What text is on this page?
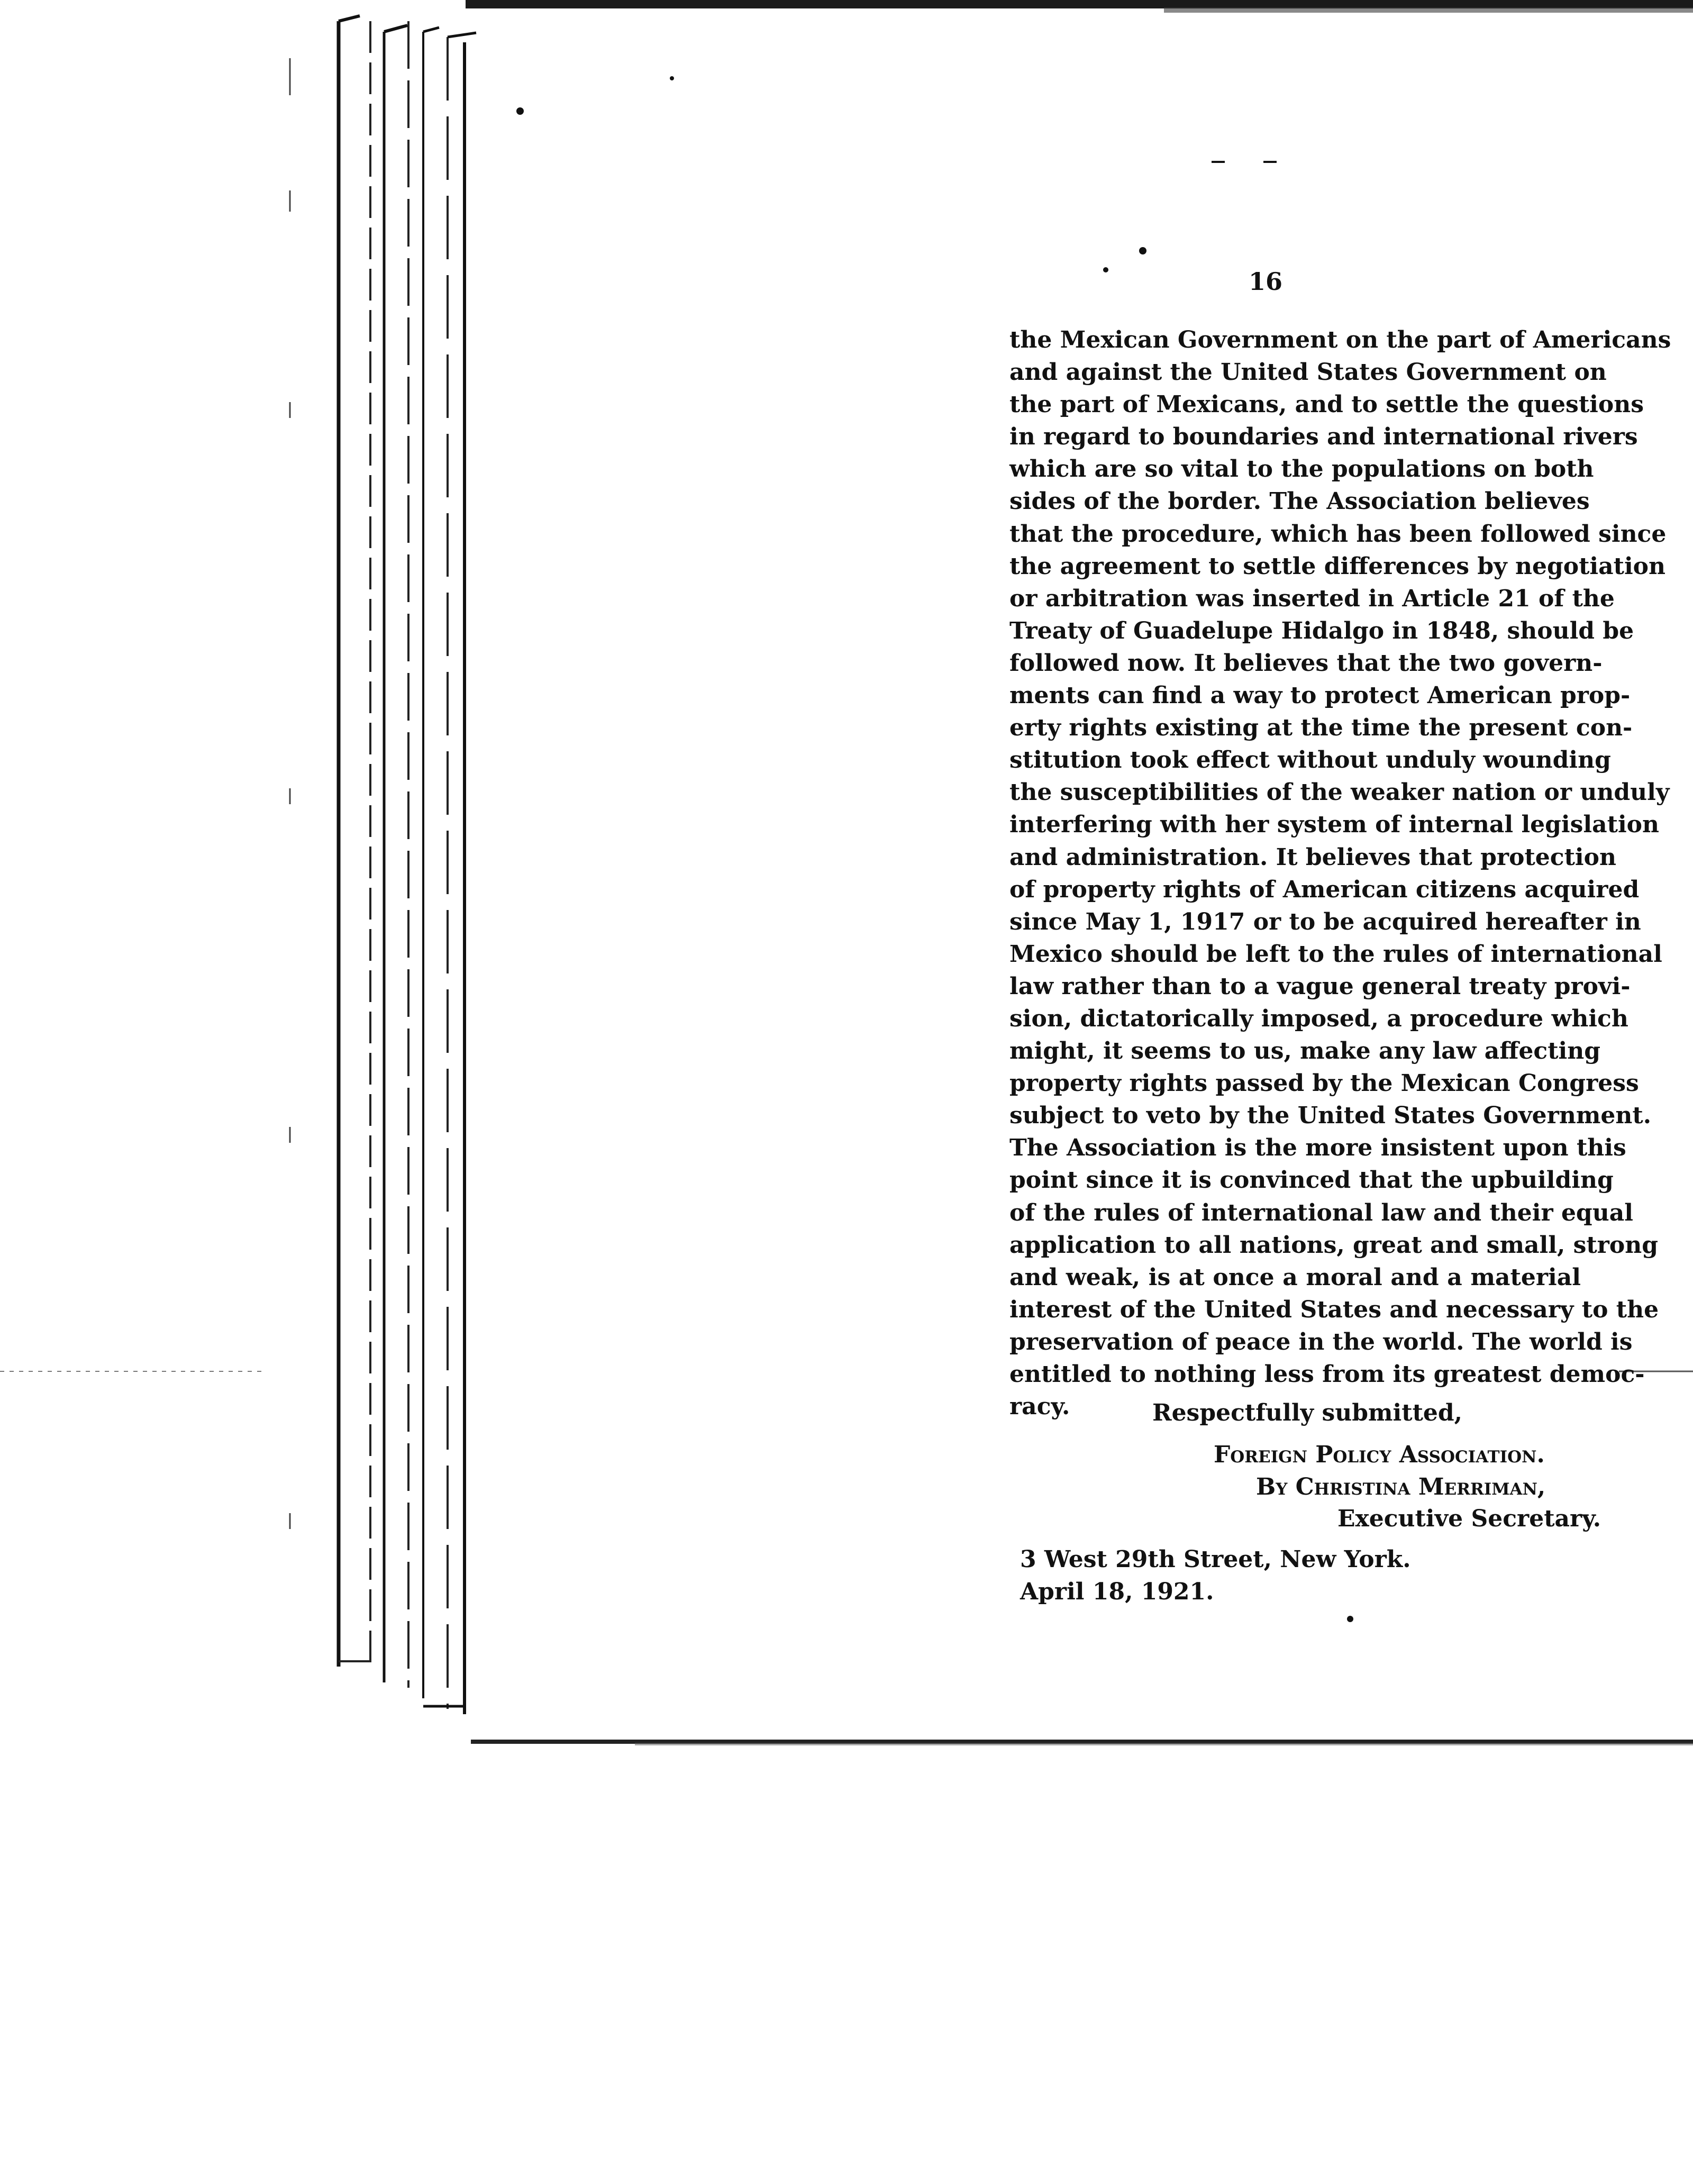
16
the Mexican Government on the part of Americans
and against the United States Government on
the part of Mexicans, and to settle the questions
in regard to boundaries and international rivers
which are so vital to the populations on both
sides of the border. The Association believes
that the procedure, which has been followed since
the agreement to settle differences by negotiation
or arbitration was inserted in Article 21 of the
Treaty of Guadelupe Hidalgo in 1848, should be
followed now. It believes that the two govern-
ments can find a way to protect American prop-
erty rights existing at the time the present con-
stitution took effect without unduly wounding
the susceptibilities of the weaker nation or unduly
interfering with her system of internal legislation
and administration. It believes that protection
of property rights of American citizens acquired
since May 1, 1917 or to be acquired hereafter in
Mexico should be left to the rules of international
law rather than to a vague general treaty provi-
sion, dictatorically imposed, a procedure which
might, it seems to us, make any law affecting
property rights passed by the Mexican Congress
subject to veto by the United States Government.
The Association is the more insistent upon this
point since it is convinced that the upbuilding
of the rules of international law and their equal
application to all nations, great and small, strong
and weak, is at once a moral and a material
interest of the United States and necessary to the
preservation of peace in the world. The world is
entitled to nothing less from its greatest democ-
racy.	Respectfully submitted,
Foreign Policy Association.
By Christina Merriman,
Executive Secretary.
3 West 29th Street, New York.
April 18, 1921.
